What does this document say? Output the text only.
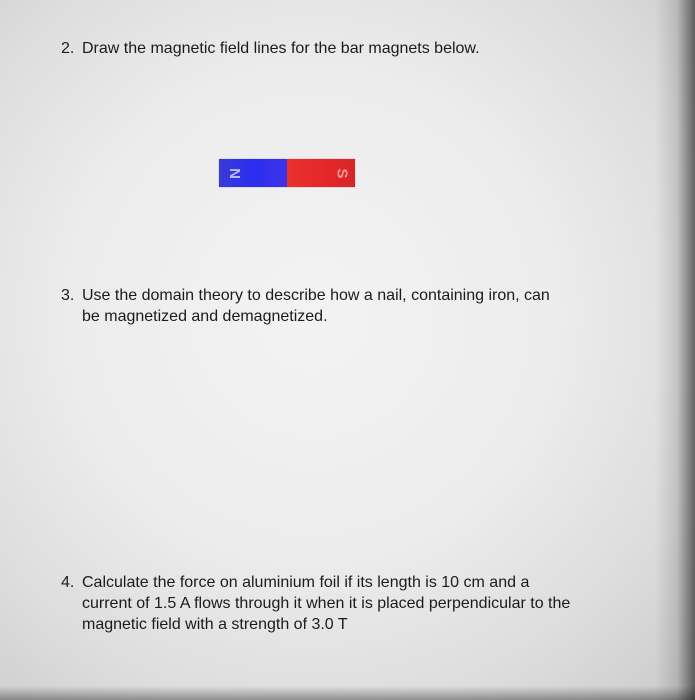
2. Draw the magnetic field lines for the bar magnets below.
N	S
3. Use the domain theory to describe how a nail, containing iron, can
be magnetized and demagnetized.
4. Calculate the force on aluminium foil if its length is 10 cm and a
current of 1.5 A flows through it when it is placed perpendicular to the
magnetic field with a strength of 3.0 T
